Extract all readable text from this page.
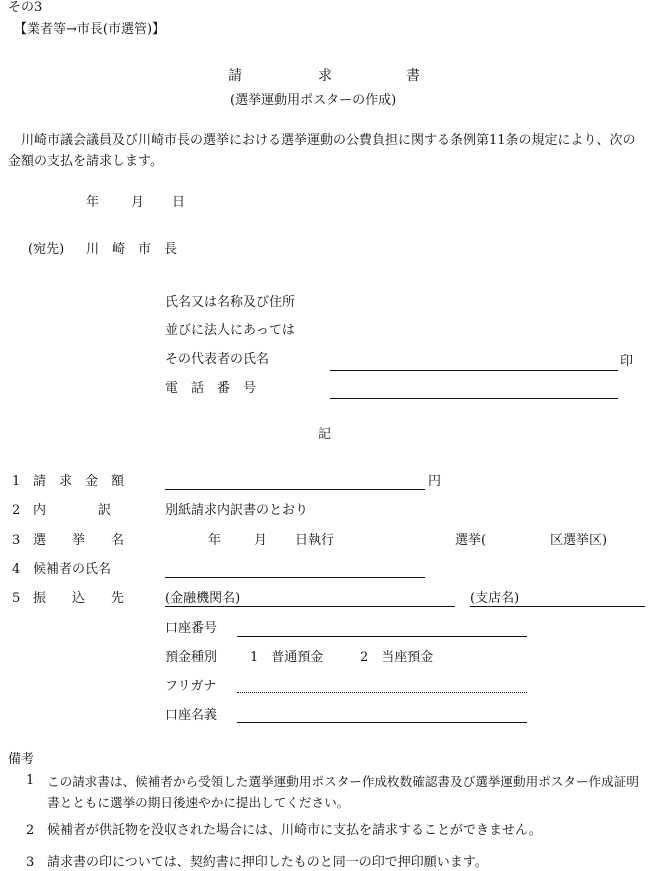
その3
【業者等→市長(市選管)】
請	求	書
(選挙運動用ポスターの作成)
川崎市議会議員及び川崎市長の選挙における選挙運動の公費負担に関する条例第11条の規定により、次の金額の支払を請求します。
年 月 日
(宛先) 川　崎　市　長
氏名又は名称及び住所
並びに法人にあっては
その代表者の氏名	印
電　話　番　号
記
1 請　求　金　額	円
2 内　　　　訳	別紙請求内訳書のとおり
3 選　　挙　　名	年	月 日執行	選挙(	区選挙区)
4 候補者の氏名
5 振　　込　　先	(金融機関名)	(支店名)
口座番号
預金種別	1　普通預金	2　当座預金
フリガナ
口座名義
備考
1 この請求書は、候補者から受領した選挙運動用ポスター作成枚数確認書及び選挙運動用ポスター作成証明書とともに選挙の期日後速やかに提出してください。
2 候補者が供託物を没収された場合には、川崎市に支払を請求することができません。
3 請求書の印については、契約書に押印したものと同一の印で押印願います。
